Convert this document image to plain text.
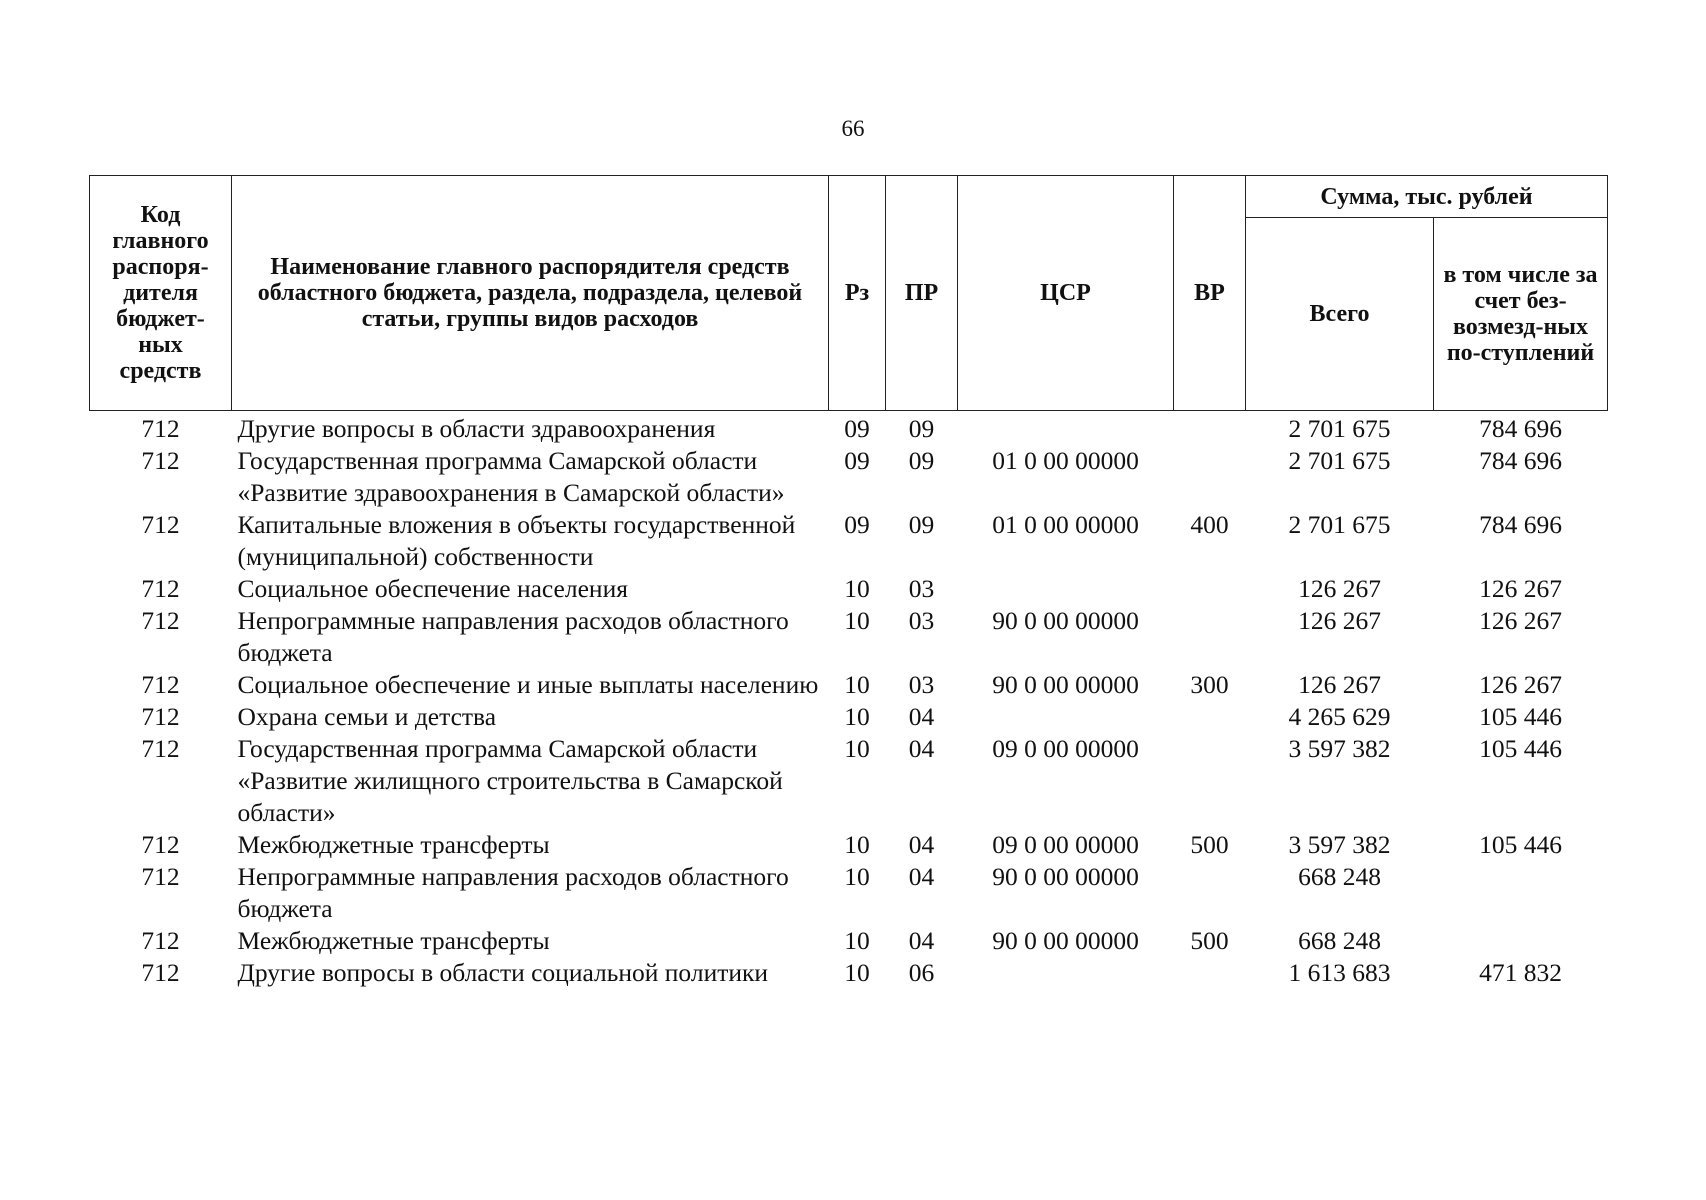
66
Код главного распоря-дителя бюджет-ных средств	Наименование главного распорядителя средств областного бюджета, раздела, подраздела, целевой статьи, группы видов расходов	Рз	ПР	ЦСР	ВР	Сумма, тыс. рублей	
						Всего	в том числе за счет без-возмезд-ных по-ступлений
712	Другие вопросы в области здравоохранения	09	09			2 701 675	784 696
712	Государственная программа Самарской области «Развитие здравоохранения в Самарской области»	09	09	01 0 00 00000		2 701 675	784 696
712	Капитальные вложения в объекты государственной (муниципальной) собственности	09	09	01 0 00 00000	400	2 701 675	784 696
712	Социальное обеспечение населения	10	03			126 267	126 267
712	Непрограммные направления расходов областного бюджета	10	03	90 0 00 00000		126 267	126 267
712	Социальное обеспечение и иные выплаты населению	10	03	90 0 00 00000	300	126 267	126 267
712	Охрана семьи и детства	10	04			4 265 629	105 446
712	Государственная программа Самарской области «Развитие жилищного строительства в Самарской области»	10	04	09 0 00 00000		3 597 382	105 446
712	Межбюджетные трансферты	10	04	09 0 00 00000	500	3 597 382	105 446
712	Непрограммные направления расходов областного бюджета	10	04	90 0 00 00000		668 248	
712	Межбюджетные трансферты	10	04	90 0 00 00000	500	668 248	
712	Другие вопросы в области социальной политики	10	06			1 613 683	471 832
